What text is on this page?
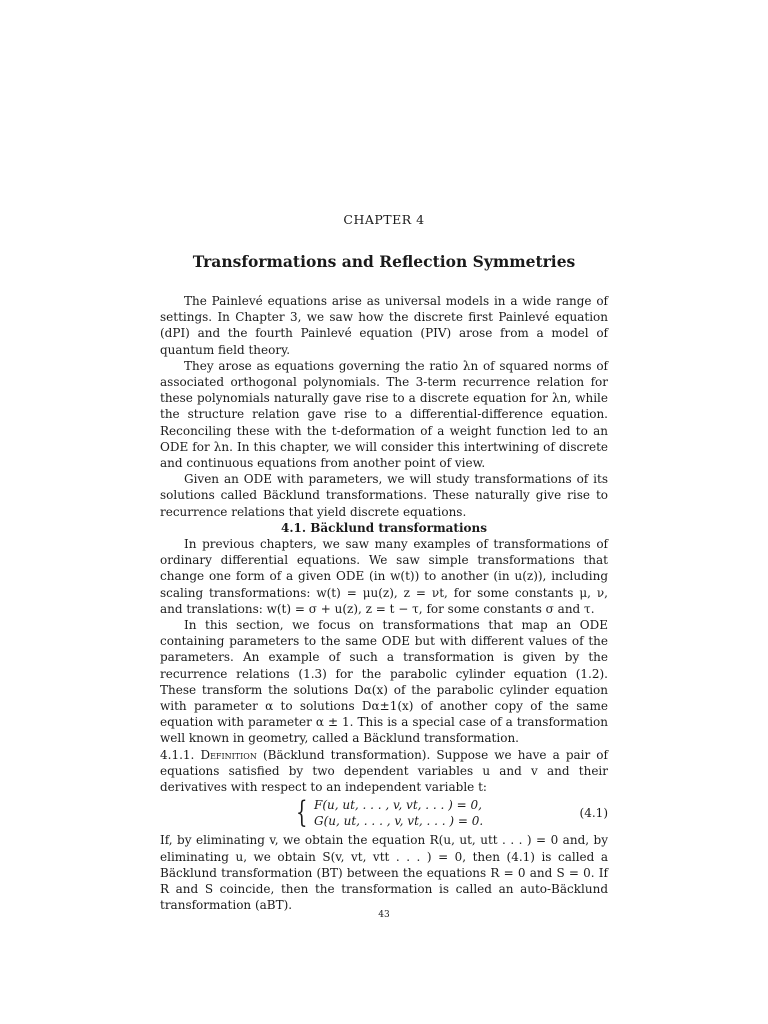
CHAPTER 4
Transformations and Reflection Symmetries

The Painlevé equations arise as universal models in a wide range of settings. In Chapter 3, we saw how the discrete first Painlevé equation (dPI) and the fourth Painlevé equation (PIV) arose from a model of quantum field theory.

They arose as equations governing the ratio λn of squared norms of associated orthogonal polynomials. The 3-term recurrence relation for these polynomials naturally gave rise to a discrete equation for λn, while the structure relation gave rise to a differential-difference equation. Reconciling these with the t-deformation of a weight function led to an ODE for λn. In this chapter, we will consider this intertwining of discrete and continuous equations from another point of view.

Given an ODE with parameters, we will study transformations of its solutions called Bäcklund transformations. These naturally give rise to recurrence relations that yield discrete equations.

4.1. Bäcklund transformations

In previous chapters, we saw many examples of transformations of ordinary differential equations. We saw simple transformations that change one form of a given ODE (in w(t)) to another (in u(z)), including scaling transformations: w(t) = μu(z), z = νt, for some constants μ, ν, and translations: w(t) = σ + u(z), z = t − τ, for some constants σ and τ.

In this section, we focus on transformations that map an ODE containing parameters to the same ODE but with different values of the parameters. An example of such a transformation is given by the recurrence relations (1.3) for the parabolic cylinder equation (1.2). These transform the solutions Dα(x) of the parabolic cylinder equation with parameter α to solutions Dα±1(x) of another copy of the same equation with parameter α ± 1. This is a special case of a transformation well known in geometry, called a Bäcklund transformation.

4.1.1. Definition (Bäcklund transformation). Suppose we have a pair of equations satisfied by two dependent variables u and v and their derivatives with respect to an independent variable t:

{ F(u, ut, . . . , v, vt, . . . ) = 0,
G(u, ut, . . . , v, vt, . . . ) = 0.
(4.1)

If, by eliminating v, we obtain the equation R(u, ut, utt . . . ) = 0 and, by eliminating u, we obtain S(v, vt, vtt . . . ) = 0, then (4.1) is called a Bäcklund transformation (BT) between the equations R = 0 and S = 0. If R and S coincide, then the transformation is called an auto-Bäcklund transformation (aBT).

43
